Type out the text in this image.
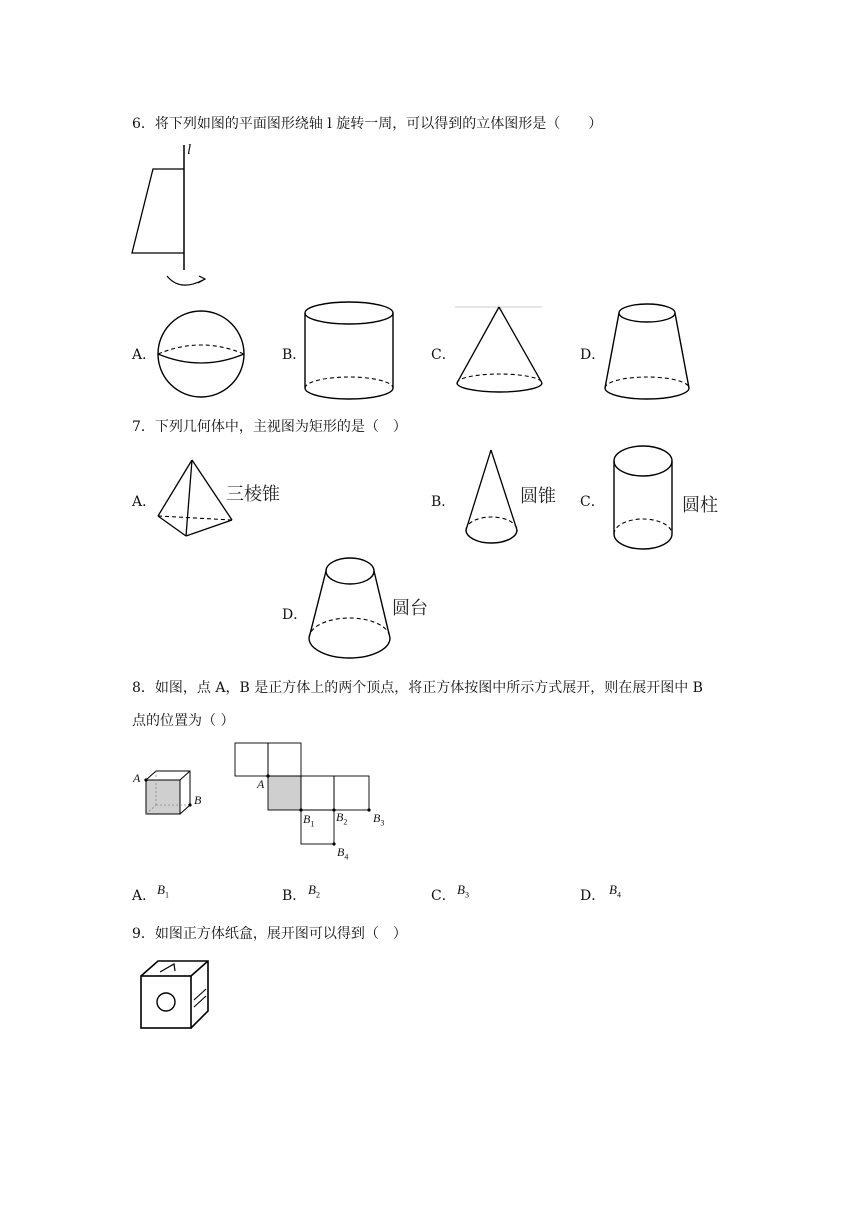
6．将下列如图的平面图形绕轴 l 旋转一周，可以得到的立体图形是（　　）
l
A．	B．	C．	D．
7．下列几何体中，主视图为矩形的是（　）
A．	三棱锥	B．	圆锥 C．	圆柱
D．	圆台
8．如图，点 A，B 是正方体上的两个顶点，将正方体按图中所示方式展开，则在展开图中 B
点的位置为（ ）
A
B
A
$B_1$ $B_2$ $B_3$
$B_4$
A． $B_1$	B． $B_2$	C． $B_3$	D． $B_4$
9．如图正方体纸盒，展开图可以得到（　）
